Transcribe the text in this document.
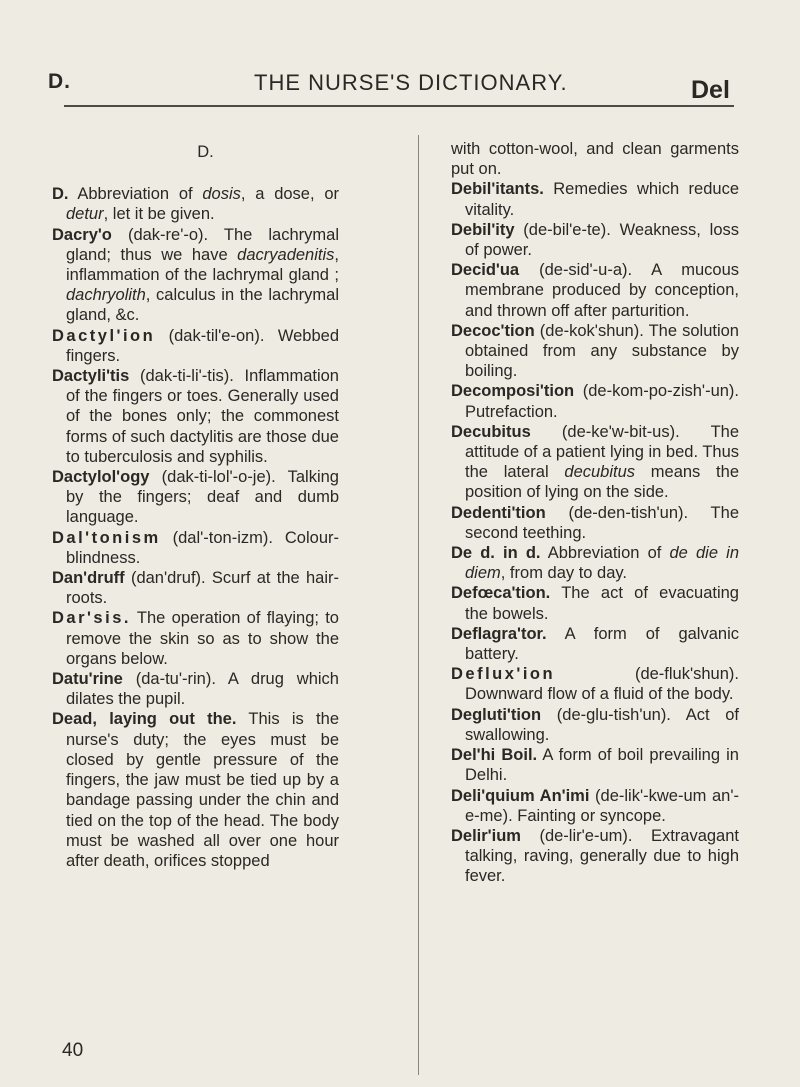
D.	THE NURSE'S DICTIONARY.	Del
D.

D. Abbreviation of dosis, a dose, or detur, let it be given.

Dacry'o (dak-re'-o). The lachrymal gland; thus we have dacryadenitis, inflammation of the lachrymal gland ; dachryolith, calculus in the lachrymal gland, &c.

Dactyl'ion (dak-til'e-on). Webbed fingers.

Dactyli'tis (dak-ti-li'-tis). Inflammation of the fingers or toes. Generally used of the bones only; the commonest forms of such dactylitis are those due to tuberculosis and syphilis.

Dactylol'ogy (dak-ti-lol'-o-je). Talking by the fingers; deaf and dumb language.

Dal'tonism (dal'-ton-izm). Colour-blindness.

Dan'druff (dan'druf). Scurf at the hair-roots.

Dar'sis. The operation of flaying; to remove the skin so as to show the organs below.

Datu'rine (da-tu'-rin). A drug which dilates the pupil.

Dead, laying out the. This is the nurse's duty; the eyes must be closed by gentle pressure of the fingers, the jaw must be tied up by a bandage passing under the chin and tied on the top of the head. The body must be washed all over one hour after death, orifices stopped

with cotton-wool, and clean garments put on.

Debil'itants. Remedies which reduce vitality.

Debil'ity (de-bil'e-te). Weakness, loss of power.

Decid'ua (de-sid'-u-a). A mucous membrane produced by conception, and thrown off after parturition.

Decoc'tion (de-kok'shun). The solution obtained from any substance by boiling.

Decomposi'tion (de-kom-po-zish'-un). Putrefaction.

Decubitus (de-ke'w-bit-us). The attitude of a patient lying in bed. Thus the lateral decubitus means the position of lying on the side.

Dedenti'tion (de-den-tish'un). The second teething.

De d. in d. Abbreviation of de die in diem, from day to day.

Defœca'tion. The act of evacuating the bowels.

Deflagra'tor. A form of galvanic battery.

Deflux'ion (de-fluk'shun). Downward flow of a fluid of the body.

Degluti'tion (de-glu-tish'un). Act of swallowing.

Del'hi Boil. A form of boil prevailing in Delhi.

Deli'quium An'imi (de-lik'-kwe-um an'-e-me). Fainting or syncope.

Delir'ium (de-lir'e-um). Extravagant talking, raving, generally due to high fever.

40
